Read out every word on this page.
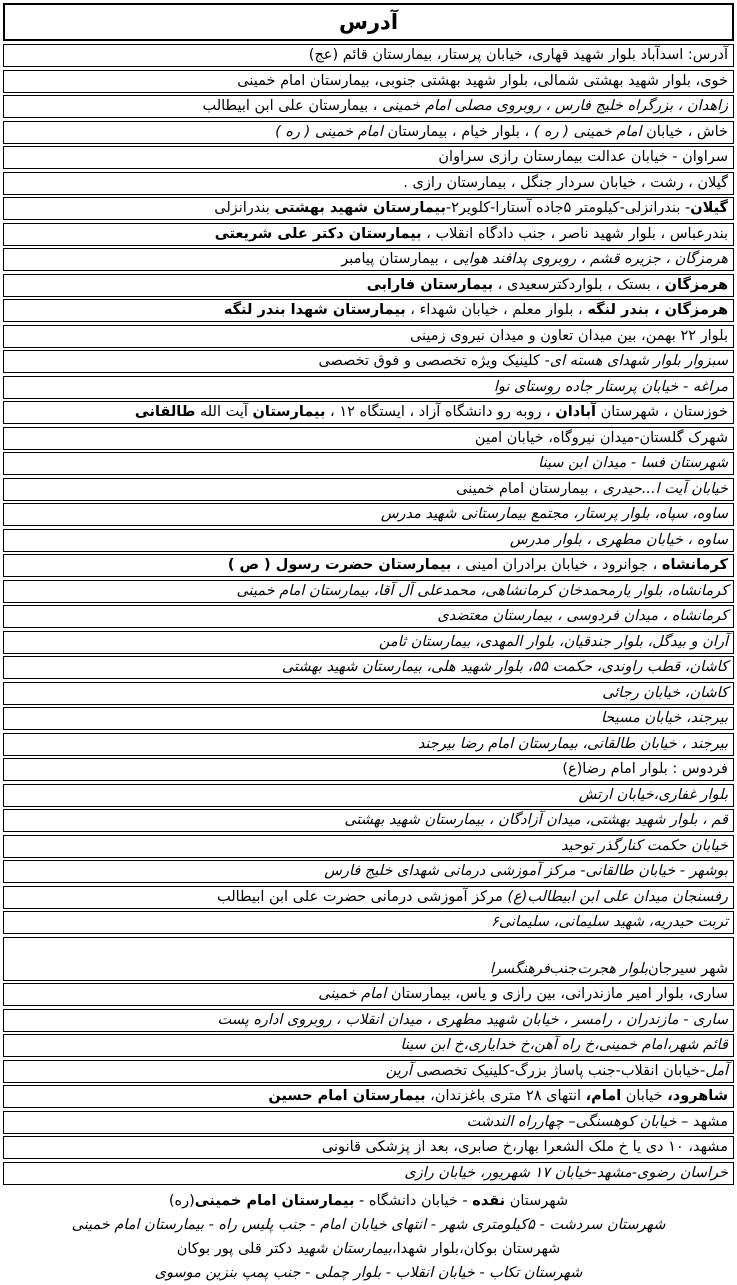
آدرس
آدرس: اسدآباد بلوار شهید قهاری، خیابان پرستار، بیمارستان قائم (عج)
خوی، بلوار شهید بهشتی شمالی، بلوار شهید بهشتی جنوبی، بیمارستان امام خمینی
زاهدان ، بزرگراه خلیج فارس ، روبروی مصلی امام خمینی ، بیمارستان علی ابن ابیطالب
خاش ، خیابان امام خمینی ( ره ) ، بلوار خیام ، بیمارستان امام خمینی ( ره )
سراوان - خیابان عدالت بیمارستان رازی سراوان
گیلان ، رشت ، خیابان سردار جنگل ، بیمارستان رازی .
گیلان- بندرانزلی-کیلومتر ۵جاده آستارا-کلویر۲-بیمارستان شهید بهشتی بندرانزلی
بندرعباس ، بلوار شهید ناصر ، جنب دادگاه انقلاب ، بیمارستان دکتر علی شریعتی
هرمزگان ، جزیره قشم ، روبروی پدافند هوایی ، بیمارستان پیامبر
هرمزگان ، بستک ، بلواردکترسعیدی ، بیمارستان فارابی
هرمزگان ، بندر لنگه ، بلوار معلم ، خیابان شهداء ، بیمارستان شهدا بندر لنگه
بلوار ۲۲ بهمن، بین میدان تعاون و میدان نیروی زمینی
سبزوار بلوار شهدای هسته ای- کلینیک ویژه تخصصی و فوق تخصصی
مراغه - خیابان پرستار جاده روستای نوا
خوزستان ، شهرستان آبادان ، روبه رو دانشگاه آزاد ، ایستگاه ۱۲ ، بیمارستان آیت الله طالقانی
شهرک گلستان-میدان نیروگاه، خیابان امین
شهرستان فسا - میدان ابن سینا
خیابان آیت ا...حیدری ، بیمارستان امام خمینی
ساوه، سپاه، بلوار پرستار، مجتمع بیمارستانی شهید مدرس
ساوه ، خیابان مطهری ، بلوار مدرس
کرمانشاه ، جوانرود ، خیابان برادران امینی ، بیمارستان حضرت رسول ( ص )
کرمانشاه، بلوار یارمحمدخان کرمانشاهی، محمدعلی آل آقا، بیمارستان امام خمینی
کرمانشاه ، میدان فردوسی ، بیمارستان معتضدی
آران و بیدگل، بلوار جندقیان، بلوار المهدی، بیمارستان ثامن
کاشان، قطب راوندی، حکمت ۵۵، بلوار شهید هلی، بیمارستان شهید بهشتی
کاشان، خیابان رجائی
بیرجند، خیابان مسیحا
بیرجند ، خیابان طالقانی، بیمارستان امام رضا بیرجند
فردوس : بلوار امام رضا(ع)
بلوار غفاری،خیابان ارتش
قم ، بلوار شهید بهشتی، میدان آزادگان ، بیمارستان شهید بهشتی
خیابان حکمت کنارگذر توحید
بوشهر - خیابان طالقانی- مرکز آموزشی درمانی شهدای خلیج فارس
رفسنجان میدان علی ابن ابیطالب(ع) مرکز آموزشی درمانی حضرت علی ابن ابیطالب
تربت حیدریه، شهید سلیمانی، سلیمانی۶
شهر سیرجان
بلوار هجرت
جنب
فرهنگسرا
ساری، بلوار امیر مازندرانی، بین رازی و یاس، بیمارستان امام خمینی
ساری - مازندران ، رامسر ، خیابان شهید مطهری ، میدان انقلاب ، روبروی اداره پست
قائم شهر،امام خمینی،خ راه آهن،خ خدایاری،خ ابن سینا
آمل-خیابان انقلاب-جنب پاساژ بزرگ-کلینیک تخصصی آرین
شاهرود، خیابان امام، انتهای ۲۸ متری باغزندان، بیمارستان امام حسین
مشهد – خیابان کوهسنگی– چهارراه الندشت
مشهد، ۱۰ دی یا خ ملک الشعرا بهار،خ صابری، بعد از پزشکی قانونی
خراسان رضوی-مشهد-خیابان ۱۷ شهریور، خیابان رازی
شهرستان نقده - خیابان دانشگاه - بیمارستان امام خمینی(ره)
شهرستان سردشت - ۵کیلومتری شهر - انتهای خیابان امام - جنب پلیس راه - بیمارستان امام خمینی
شهرستان بوکان،بلوار شهدا،بیمارستان شهید دکتر قلی پور بوکان
شهرستان تکاب - خیابان انقلاب - بلوار چملی - جنب پمپ بنزین موسوی
